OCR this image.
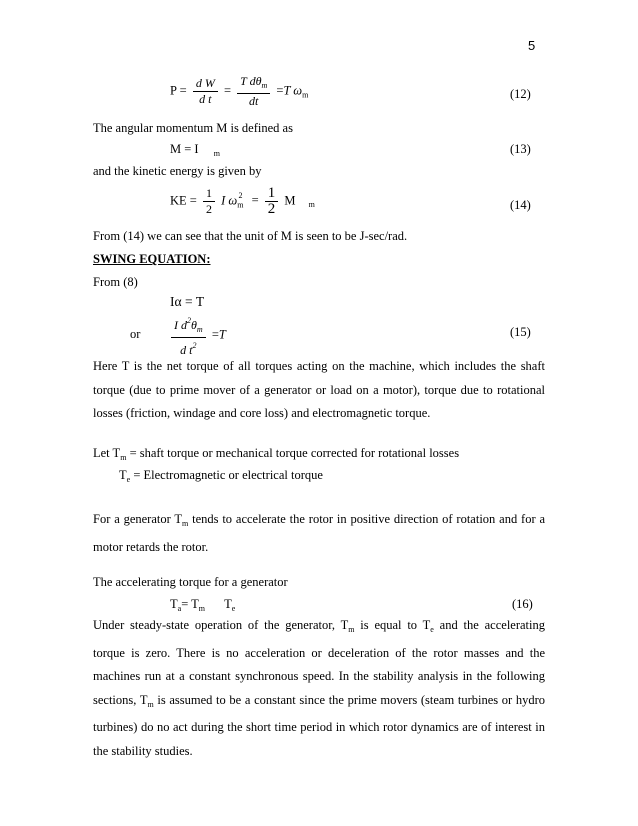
5
$P = \frac{\text{d W}}{\text{d t}} = \frac{T d\theta_m}{dt} =T$ $\omega_m$	(12)
The angular momentum M is defined as
M = I $_m$	(13)
and the kinetic energy is given by
KE = $\frac{1}{2}$ I $\omega_m^2 = \frac{1}{2}$ M $_m$	(14)
From (14) we can see that the unit of M is seen to be J-sec/rad.
SWING EQUATION:
From (8)
Iα = T
or	$\frac{I d^2\theta_m}{d t^2} =T$	(15)
Here T is the net torque of all torques acting on the machine, which includes the shaft torque (due to prime mover of a generator or load on a motor), torque due to rotational losses (friction, windage and core loss) and electromagnetic torque.
Let $T_m$ = shaft torque or mechanical torque corrected for rotational losses
$T_e$ = Electromagnetic or electrical torque
For a generator $T_m$ tends to accelerate the rotor in positive direction of rotation and for a motor retards the rotor.
The accelerating torque for a generator
$T_a= T_m$ $T_e$	(16)
Under steady-state operation of the generator, $T_m$ is equal to $T_e$ and the accelerating torque is zero. There is no acceleration or deceleration of the rotor masses and the machines run at a constant synchronous speed. In the stability analysis in the following sections, $T_m$ is assumed to be a constant since the prime movers (steam turbines or hydro turbines) do no act during the short time period in which rotor dynamics are of interest in the stability studies.
